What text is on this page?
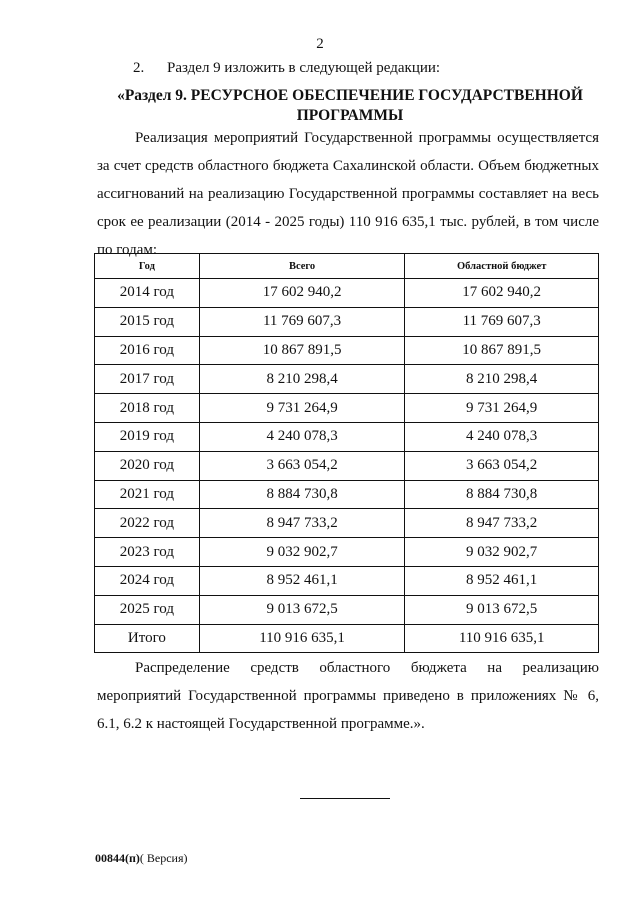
2
2. Раздел 9 изложить в следующей редакции:
«Раздел 9. РЕСУРСНОЕ ОБЕСПЕЧЕНИЕ ГОСУДАРСТВЕННОЙ
ПРОГРАММЫ

Реализация мероприятий Государственной программы осуществляется за счет средств областного бюджета Сахалинской области. Объем бюджетных ассигнований на реализацию Государственной программы составляет на весь срок ее реализации (2014 - 2025 годы) 110 916 635,1 тыс. рублей, в том числе по годам:

Год	Всего	Областной бюджет
2014 год	17 602 940,2	17 602 940,2
2015 год	11 769 607,3	11 769 607,3
2016 год	10 867 891,5	10 867 891,5
2017 год	8 210 298,4	8 210 298,4
2018 год	9 731 264,9	9 731 264,9
2019 год	4 240 078,3	4 240 078,3
2020 год	3 663 054,2	3 663 054,2
2021 год	8 884 730,8	8 884 730,8
2022 год	8 947 733,2	8 947 733,2
2023 год	9 032 902,7	9 032 902,7
2024 год	8 952 461,1	8 952 461,1
2025 год	9 013 672,5	9 013 672,5
Итого	110 916 635,1	110 916 635,1

Распределение средств областного бюджета на реализацию мероприятий Государственной программы приведено в приложениях № 6, 6.1, 6.2 к настоящей Государственной программе.».

00844(п)( Версия)
